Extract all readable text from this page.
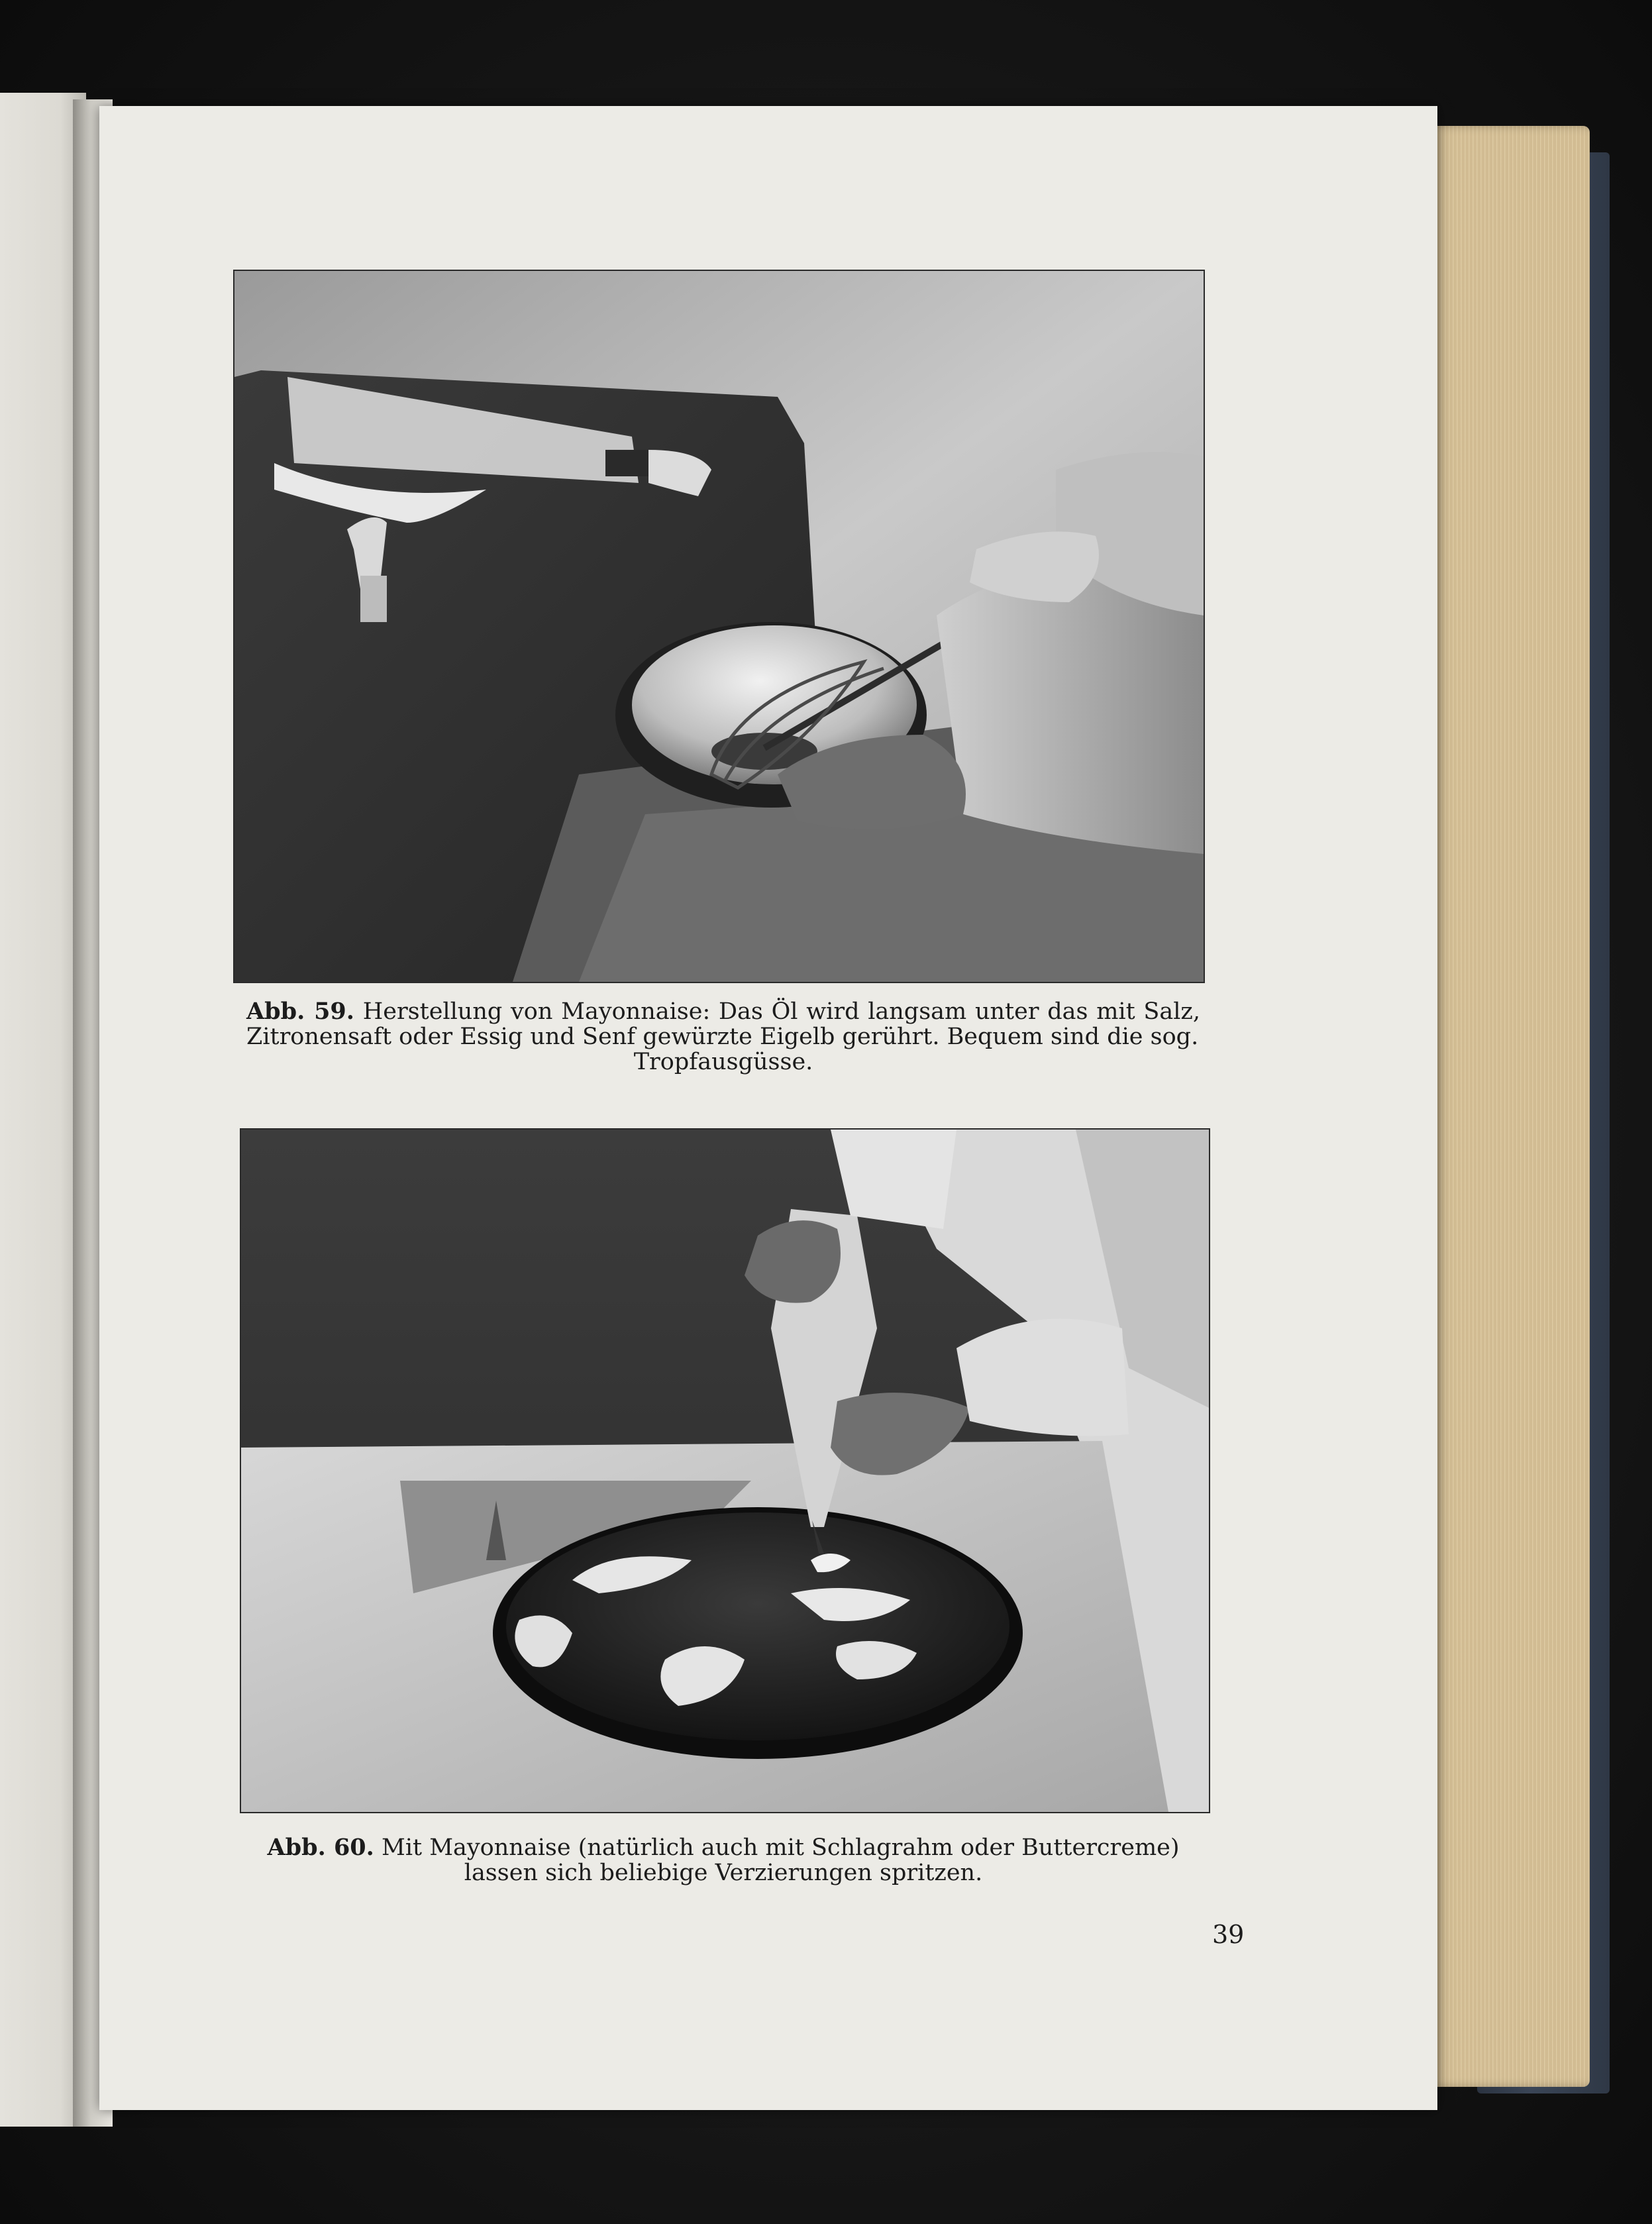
Abb. 59. Herstellung von Mayonnaise: Das Öl wird langsam unter das mit Salz, Zitronensaft oder Essig und Senf gewürzte Eigelb gerührt. Bequem sind die sog.
Tropfausgüsse.
Abb. 60. Mit Mayonnaise (natürlich auch mit Schlagrahm oder Buttercreme)
lassen sich beliebige Verzierungen spritzen.
39
